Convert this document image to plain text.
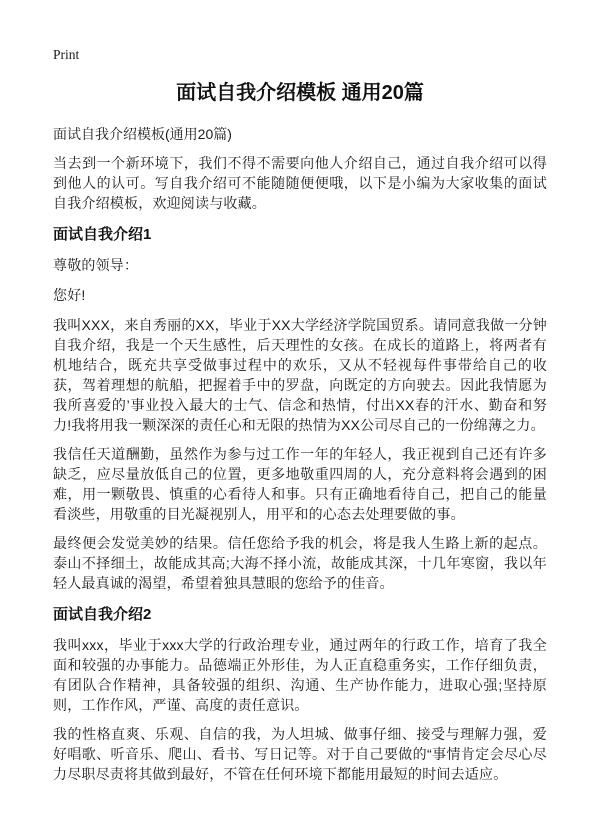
Print
面试自我介绍模板 通用20篇

面试自我介绍模板(通用20篇)

当去到一个新环境下，我们不得不需要向他人介绍自己，通过自我介绍可以得到他人的认可。写自我介绍可不能随随便便哦，以下是小编为大家收集的面试自我介绍模板，欢迎阅读与收藏。

面试自我介绍1

尊敬的领导：

您好!

我叫XXX，来自秀丽的XX，毕业于XX大学经济学院国贸系。请同意我做一分钟自我介绍，我是一个天生感性，后天理性的女孩。在成长的道路上，将两者有机地结合，既充共享受做事过程中的欢乐，又从不轻视每件事带给自己的收获，驾着理想的航船，把握着手中的罗盘，向既定的方向驶去。因此我情愿为我所喜爱的’事业投入最大的士气、信念和热情，付出XX春的汗水、勤奋和努力!我将用我一颗深深的责任心和无限的热情为XX公司尽自己的一份绵薄之力。

我信任天道酬勤，虽然作为参与过工作一年的年轻人，我正视到自己还有许多缺乏，应尽量放低自己的位置，更多地敬重四周的人，充分意料将会遇到的困难，用一颗敬畏、慎重的心看待人和事。只有正确地看待自己，把自己的能量看淡些，用敬重的目光凝视别人，用平和的心态去处理要做的事。

最终便会发觉美妙的结果。信任您给予我的机会，将是我人生路上新的起点。泰山不择细土，故能成其高;大海不择小流，故能成其深，十几年寒窗，我以年轻人最真诚的渴望，希望着独具慧眼的您给予的佳音。

面试自我介绍2

我叫xxx，毕业于xxx大学的行政治理专业，通过两年的行政工作，培育了我全面和较强的办事能力。品德端正外形佳，为人正直稳重务实，工作仔细负责，有团队合作精神，具备较强的组织、沟通、生产协作能力，进取心强;坚持原则，工作作风，严谨、高度的责任意识。

我的性格直爽、乐观、自信的我，为人坦城、做事仔细、接受与理解力强，爱好唱歌、听音乐、爬山、看书、写日记等。对于自己要做的“事情肯定会尽心尽力尽职尽责将其做到最好，不管在任何环境下都能用最短的时间去适应。
